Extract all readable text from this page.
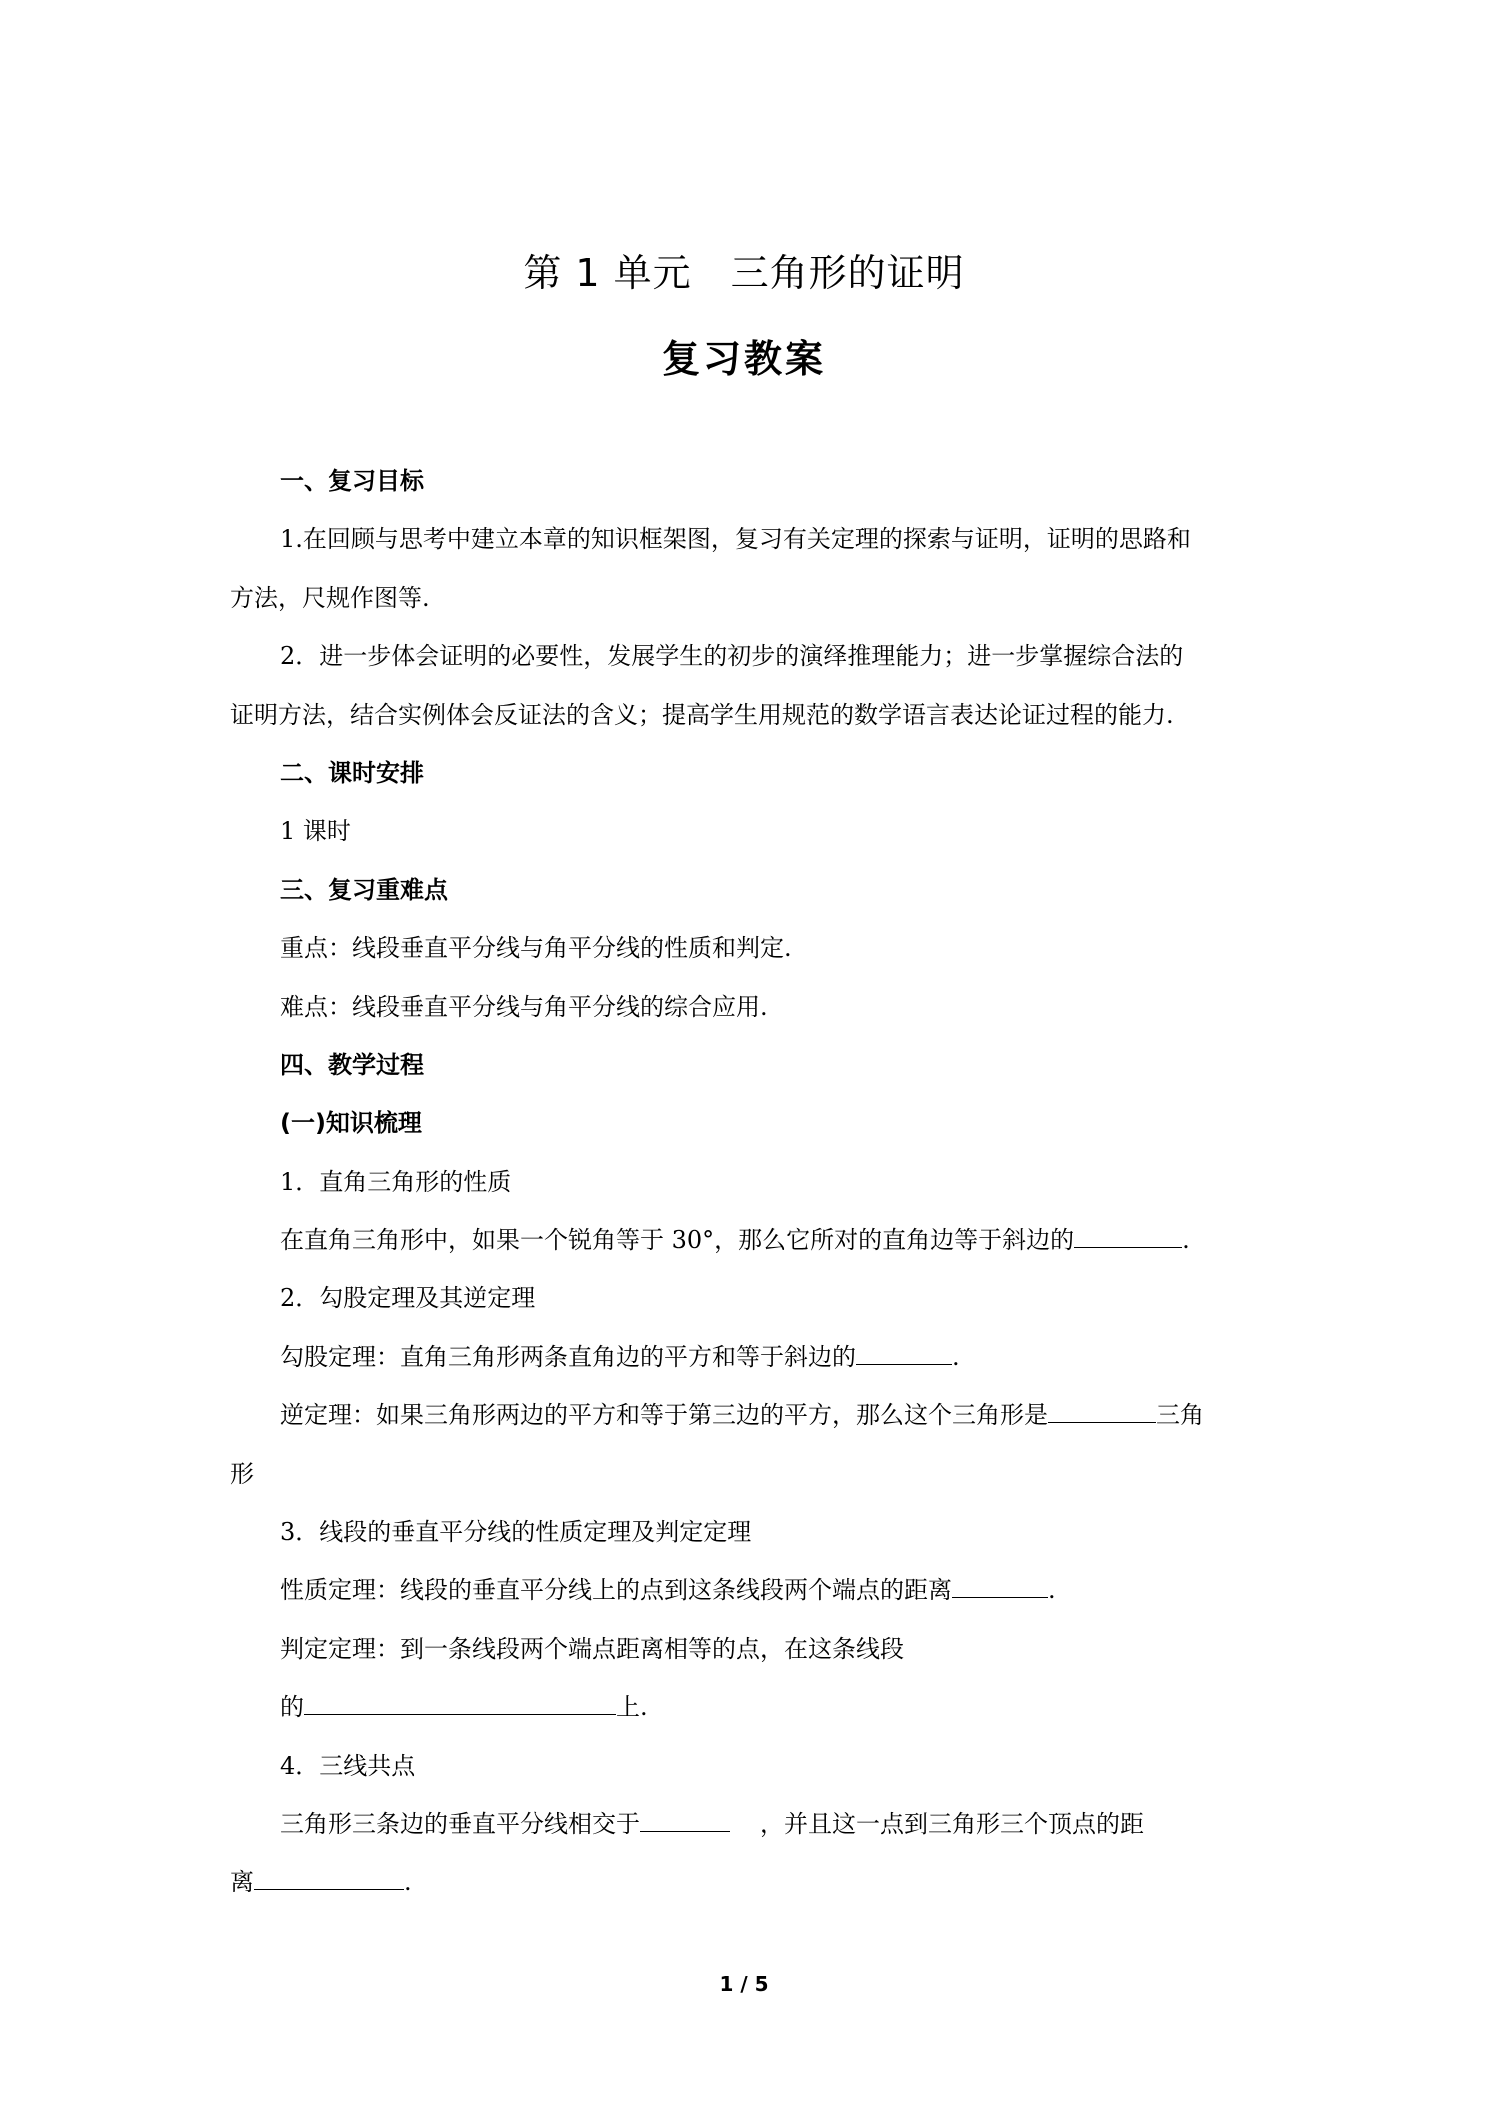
第 1 单元　三角形的证明
复习教案
一、复习目标
1.在回顾与思考中建立本章的知识框架图，复习有关定理的探索与证明，证明的思路和
方法，尺规作图等.
2．进一步体会证明的必要性，发展学生的初步的演绎推理能力；进一步掌握综合法的
证明方法，结合实例体会反证法的含义；提高学生用规范的数学语言表达论证过程的能力.
二、课时安排
1 课时
三、复习重难点
重点：线段垂直平分线与角平分线的性质和判定.
难点：线段垂直平分线与角平分线的综合应用.
四、教学过程
(一)知识梳理
1．直角三角形的性质
在直角三角形中，如果一个锐角等于 30°，那么它所对的直角边等于斜边的	.
2．勾股定理及其逆定理
勾股定理：直角三角形两条直角边的平方和等于斜边的	.
逆定理：如果三角形两边的平方和等于第三边的平方，那么这个三角形是	三角
形
3．线段的垂直平分线的性质定理及判定定理
性质定理：线段的垂直平分线上的点到这条线段两个端点的距离	.
判定定理：到一条线段两个端点距离相等的点，在这条线段
的	上.
4．三线共点
三角形三条边的垂直平分线相交于	，并且这一点到三角形三个顶点的距
离	.
1 / 5
